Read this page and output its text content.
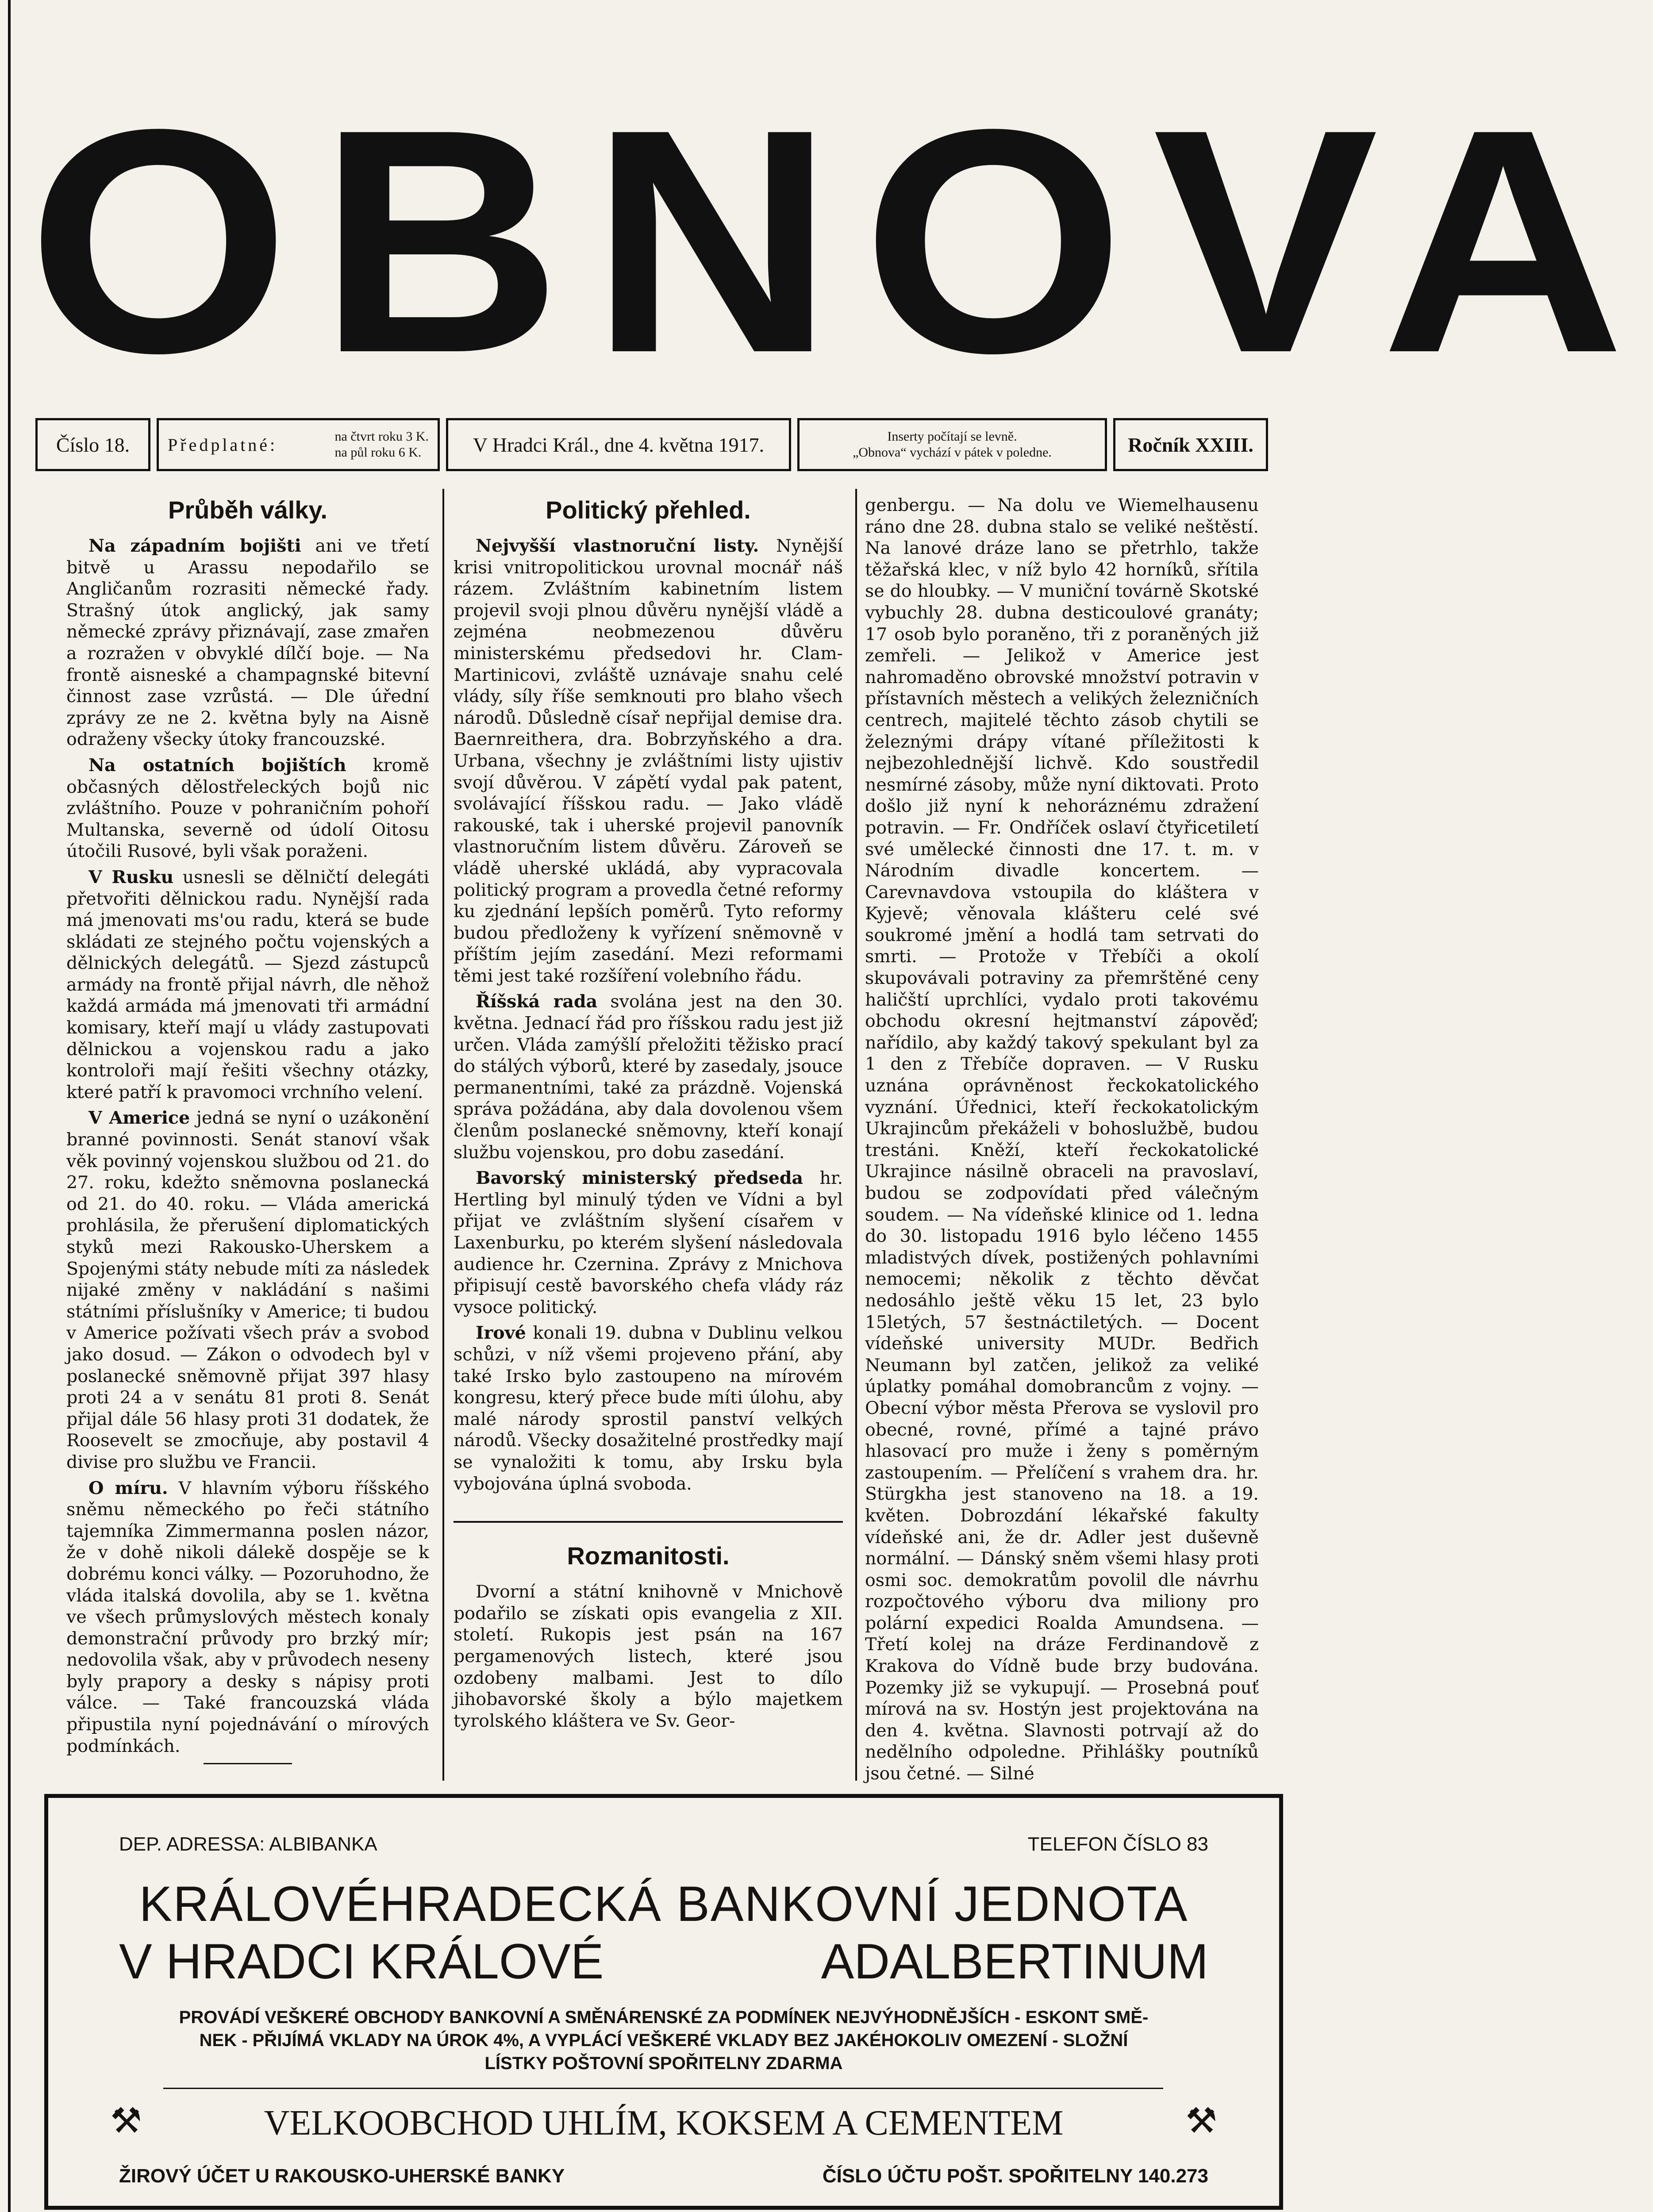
OBNOVA
Číslo 18.	Předplatné:	na čtvrt roku 3 K.
na půl roku 6 K.	V Hradci Král., dne 4. května 1917.	Inserty počítají se levně.
„Obnova“ vychází v pátek v poledne.	Ročník XXIII.
Průběh války.

Na západním bojišti ani ve třetí bitvě u Arassu nepodařilo se Angličanům rozrasiti německé řady. Strašný útok anglický, jak samy německé zprávy přiznávají, zase zmařen a rozražen v obvyklé dílčí boje. — Na frontě aisneské a champagnské bitevní činnost zase vzrůstá. — Dle úřední zprávy ze ne 2. května byly na Aisně odraženy všecky útoky francouzské.

Na ostatních bojištích kromě občasných dělostřeleckých bojů nic zvláštního. Pouze v pohraničním pohoří Multanska, severně od údolí Oitosu útočili Rusové, byli však poraženi.

V Rusku usnesli se dělničtí delegáti přetvořiti dělnickou radu. Nynější rada má jmenovati ms'ou radu, která se bude skládati ze stejného počtu vojenských a dělnických delegátů. — Sjezd zástupců armády na frontě přijal návrh, dle něhož každá armáda má jmenovati tři armádní komisary, kteří mají u vlády zastupovati dělnickou a vojenskou radu a jako kontroloři mají řešiti všechny otázky, které patří k pravomoci vrchního velení.

V Americe jedná se nyní o uzákonění branné povinnosti. Senát stanoví však věk povinný vojenskou službou od 21. do 27. roku, kdežto sněmovna poslanecká od 21. do 40. roku. — Vláda americká prohlásila, že přerušení diplomatických styků mezi Rakousko-Uherskem a Spojenými státy nebude míti za následek nijaké změny v nakládání s našimi státními příslušníky v Americe; ti budou v Americe požívati všech práv a svobod jako dosud. — Zákon o odvodech byl v poslanecké sněmovně přijat 397 hlasy proti 24 a v senátu 81 proti 8. Senát přijal dále 56 hlasy proti 31 dodatek, že Roosevelt se zmocňuje, aby postavil 4 divise pro službu ve Francii.

O míru. V hlavním výboru říšského sněmu německého po řeči státního tajemníka Zimmermanna poslen názor, že v dohě nikoli dálekě dospěje se k dobrému konci války. — Pozoruhodno, že vláda italská dovolila, aby se 1. května ve všech průmyslových městech konaly demonstrační průvody pro brzký mír; nedovolila však, aby v průvodech neseny byly prapory a desky s nápisy proti válce. — Také francouzská vláda připustila nyní pojednávání o mírových podmínkách.

Politický přehled.

Nejvyšší vlastnoruční listy. Nynější krisi vnitropolitickou urovnal mocnář náš rázem. Zvláštním kabinetním listem projevil svoji plnou důvěru nynější vládě a zejména neobmezenou důvěru ministerskému předsedovi hr. Clam-Martinicovi, zvláště uznávaje snahu celé vlády, síly říše semknouti pro blaho všech národů. Důsledně císař nepřijal demise dra. Baernreithera, dra. Bobrzyňského a dra. Urbana, všechny je zvláštními listy ujistiv svojí důvěrou. V zápětí vydal pak patent, svolávající říšskou radu. — Jako vládě rakouské, tak i uherské projevil panovník vlastnoručním listem důvěru. Zároveň se vládě uherské ukládá, aby vypracovala politický program a provedla četné reformy ku zjednání lepších poměrů. Tyto reformy budou předloženy k vyřízení sněmovně v příštím jejím zasedání. Mezi reformami těmi jest také rozšíření volebního řádu.

Říšská rada svolána jest na den 30. května. Jednací řád pro říšskou radu jest již určen. Vláda zamýšlí přeložiti těžisko prací do stálých výborů, které by zasedaly, jsouce permanentními, také za prázdně. Vojenská správa požádána, aby dala dovolenou všem členům poslanecké sněmovny, kteří konají službu vojenskou, pro dobu zasedání.

Bavorský ministerský předseda hr. Hertling byl minulý týden ve Vídni a byl přijat ve zvláštním slyšení císařem v Laxenburku, po kterém slyšení následovala audience hr. Czernina. Zprávy z Mnichova připisují cestě bavorského chefa vlády ráz vysoce politický.

Irové konali 19. dubna v Dublinu velkou schůzi, v níž všemi projeveno přání, aby také Irsko bylo zastoupeno na mírovém kongresu, který přece bude míti úlohu, aby malé národy sprostil panství velkých národů. Všecky dosažitelné prostředky mají se vynaložiti k tomu, aby Irsku byla vybojována úplná svoboda.

Rozmanitosti.

Dvorní a státní knihovně v Mnichově podařilo se získati opis evangelia z XII. století. Rukopis jest psán na 167 pergamenových listech, které jsou ozdobeny malbami. Jest to dílo jihobavorské školy a býlo majetkem tyrolského kláštera ve Sv. Geor-

genbergu. — Na dolu ve Wiemelhausenu ráno dne 28. dubna stalo se veliké neštěstí. Na lanové dráze lano se přetrhlo, takže těžařská klec, v níž bylo 42 horníků, sřítila se do hloubky. — V muniční továrně Skotské vybuchly 28. dubna desticoulové granáty; 17 osob bylo poraněno, tři z poraněných již zemřeli. — Jelikož v Americe jest nahromaděno obrovské množství potravin v přístavních městech a velikých železničních centrech, majitelé těchto zásob chytili se železnými drápy vítané příležitosti k nejbezohlednější lichvě. Kdo soustředil nesmírné zásoby, může nyní diktovati. Proto došlo již nyní k nehoráznému zdražení potravin. — Fr. Ondříček oslaví čtyřicetiletí své umělecké činnosti dne 17. t. m. v Národním divadle koncertem. — Carevnavdova vstoupila do kláštera v Kyjevě; věnovala klášteru celé své soukromé jmění a hodlá tam setrvati do smrti. — Protože v Třebíči a okolí skupovávali potraviny za přemrštěné ceny haličští uprchlíci, vydalo proti takovému obchodu okresní hejtmanství zápověď; nařídilo, aby každý takový spekulant byl za 1 den z Třebíče dopraven. — V Rusku uznána oprávněnost řeckokatolického vyznání. Úřednici, kteří řeckokatolickým Ukrajincům překáželi v bohoslužbě, budou trestáni. Kněží, kteří řeckokatolické Ukrajince násilně obraceli na pravoslaví, budou se zodpovídati před válečným soudem. — Na vídeňské klinice od 1. ledna do 30. listopadu 1916 bylo léčeno 1455 mladistvých dívek, postižených pohlavními nemocemi; několik z těchto děvčat nedosáhlo ještě věku 15 let, 23 bylo 15letých, 57 šestnáctiletých. — Docent vídeňské university MUDr. Bedřich Neumann byl zatčen, jelikož za veliké úplatky pomáhal domobrancům z vojny. — Obecní výbor města Přerova se vyslovil pro obecné, rovné, přímé a tajné právo hlasovací pro muže i ženy s poměrným zastoupením. — Přelíčení s vrahem dra. hr. Stürgkha jest stanoveno na 18. a 19. květen. Dobrozdání lékařské fakulty vídeňské ani, že dr. Adler jest duševně normální. — Dánský sněm všemi hlasy proti osmi soc. demokratům povolil dle návrhu rozpočtového výboru dva miliony pro polární expedici Roalda Amundsena. — Třetí kolej na dráze Ferdinandově z Krakova do Vídně bude brzy budována. Pozemky již se vykupují. — Prosebná pouť mírová na sv. Hostýn jest projektována na den 4. května. Slavnosti potrvají až do nedělního odpoledne. Přihlášky poutníků jsou četné. — Silné

DEP. ADRESSA: ALBIBANKA	TELEFON ČÍSLO 83
KRÁLOVÉHRADECKÁ BANKOVNÍ JEDNOTA
V HRADCI KRÁLOVÉ	ADALBERTINUM
PROVÁDÍ VEŠKERÉ OBCHODY BANKOVNÍ A SMĚNÁRENSKÉ ZA PODMÍNEK NEJVÝHODNĚJŠÍCH - ESKONT SMĚ-
NEK - PŘIJÍMÁ VKLADY NA ÚROK 4%, A VYPLÁCÍ VEŠKERÉ VKLADY BEZ JAKÉHOKOLIV OMEZENÍ - SLOŽNÍ
LÍSTKY POŠTOVNÍ SPOŘITELNY ZDARMA
⚒	VELKOOBCHOD UHLÍM, KOKSEM A CEMENTEM	⚒
ŽIROVÝ ÚČET U RAKOUSKO-UHERSKÉ BANKY	ČÍSLO ÚČTU POŠT. SPOŘITELNY 140.273
